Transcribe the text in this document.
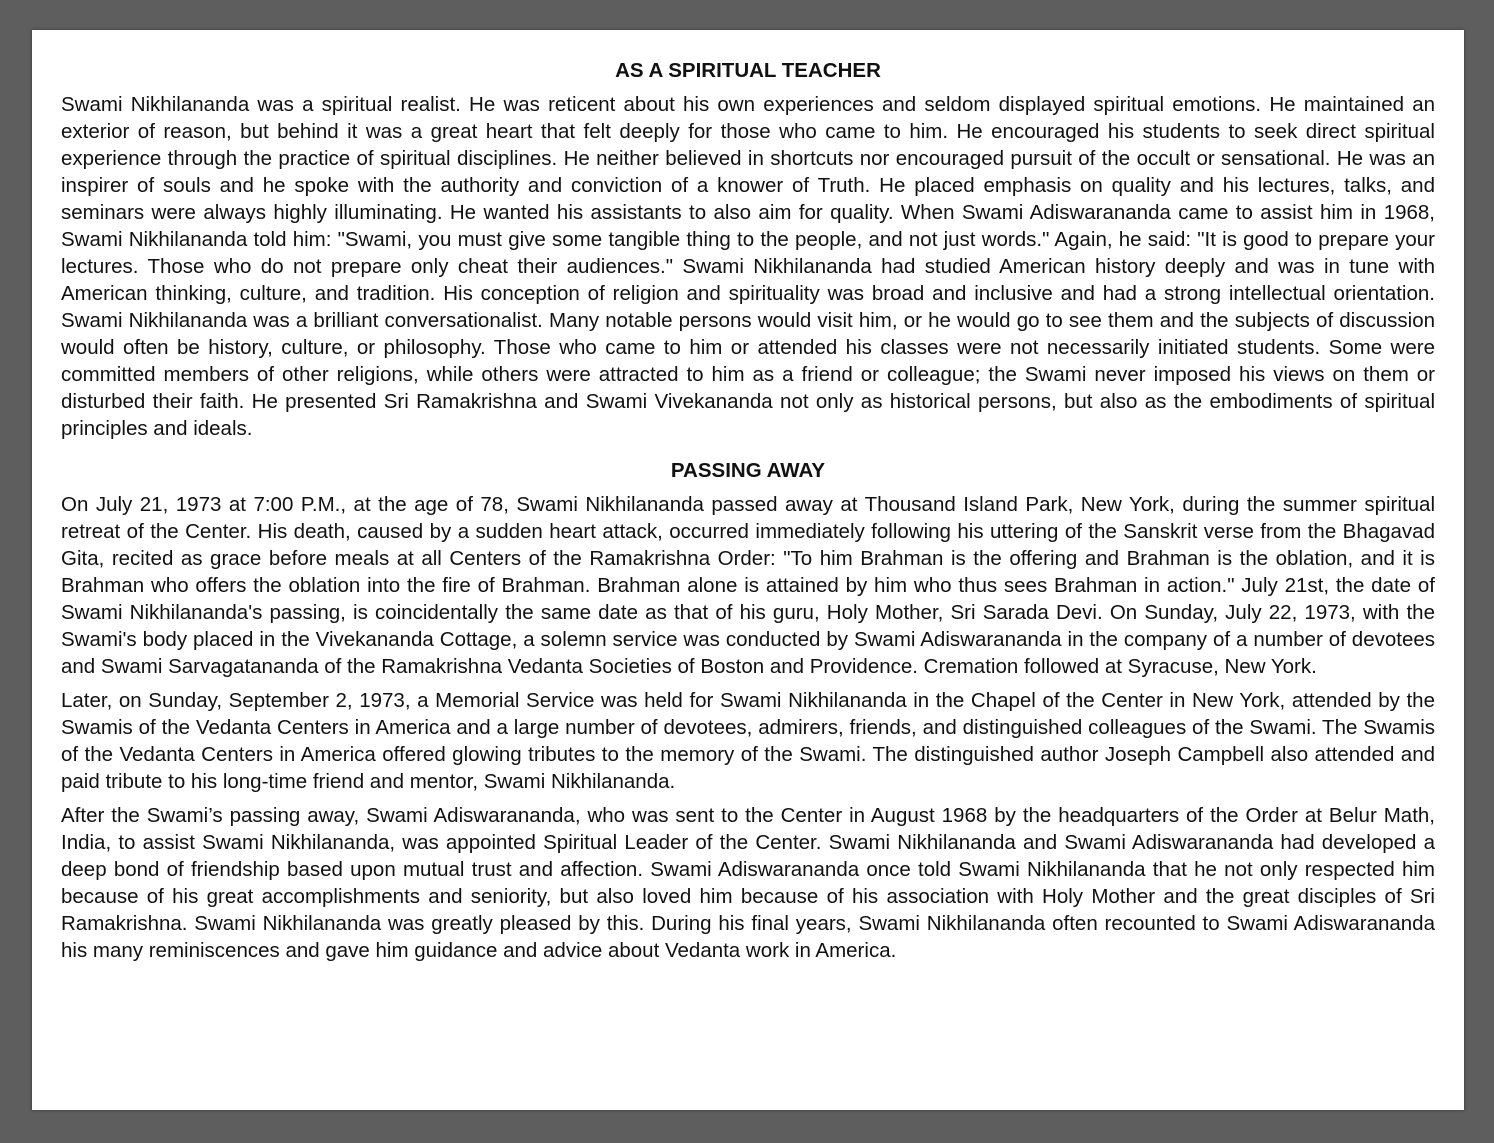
AS A SPIRITUAL TEACHER

Swami Nikhilananda was a spiritual realist. He was reticent about his own experiences and seldom displayed spiritual emotions. He maintained an exterior of reason, but behind it was a great heart that felt deeply for those who came to him. He encouraged his students to seek direct spiritual experience through the practice of spiritual disciplines. He neither believed in shortcuts nor encouraged pursuit of the occult or sensational. He was an inspirer of souls and he spoke with the authority and conviction of a knower of Truth. He placed emphasis on quality and his lectures, talks, and seminars were always highly illuminating. He wanted his assistants to also aim for quality. When Swami Adiswarananda came to assist him in 1968, Swami Nikhilananda told him: "Swami, you must give some tangible thing to the people, and not just words." Again, he said: "It is good to prepare your lectures. Those who do not prepare only cheat their audiences." Swami Nikhilananda had studied American history deeply and was in tune with American thinking, culture, and tradition. His conception of religion and spirituality was broad and inclusive and had a strong intellectual orientation. Swami Nikhilananda was a brilliant conversationalist. Many notable persons would visit him, or he would go to see them and the subjects of discussion would often be history, culture, or philosophy. Those who came to him or attended his classes were not necessarily initiated students. Some were committed members of other religions, while others were attracted to him as a friend or colleague; the Swami never imposed his views on them or disturbed their faith. He presented Sri Ramakrishna and Swami Vivekananda not only as historical persons, but also as the embodiments of spiritual principles and ideals.

PASSING AWAY

On July 21, 1973 at 7:00 P.M., at the age of 78, Swami Nikhilananda passed away at Thousand Island Park, New York, during the summer spiritual retreat of the Center. His death, caused by a sudden heart attack, occurred immediately following his uttering of the Sanskrit verse from the Bhagavad Gita, recited as grace before meals at all Centers of the Ramakrishna Order: "To him Brahman is the offering and Brahman is the oblation, and it is Brahman who offers the oblation into the fire of Brahman. Brahman alone is attained by him who thus sees Brahman in action." July 21st, the date of Swami Nikhilananda's passing, is coincidentally the same date as that of his guru, Holy Mother, Sri Sarada Devi. On Sunday, July 22, 1973, with the Swami's body placed in the Vivekananda Cottage, a solemn service was conducted by Swami Adiswarananda in the company of a number of devotees and Swami Sarvagatananda of the Ramakrishna Vedanta Societies of Boston and Providence. Cremation followed at Syracuse, New York.

Later, on Sunday, September 2, 1973, a Memorial Service was held for Swami Nikhilananda in the Chapel of the Center in New York, attended by the Swamis of the Vedanta Centers in America and a large number of devotees, admirers, friends, and distinguished colleagues of the Swami. The Swamis of the Vedanta Centers in America offered glowing tributes to the memory of the Swami. The distinguished author Joseph Campbell also attended and paid tribute to his long-time friend and mentor, Swami Nikhilananda.

After the Swami’s passing away, Swami Adiswarananda, who was sent to the Center in August 1968 by the headquarters of the Order at Belur Math, India, to assist Swami Nikhilananda, was appointed Spiritual Leader of the Center. Swami Nikhilananda and Swami Adiswarananda had developed a deep bond of friendship based upon mutual trust and affection. Swami Adiswarananda once told Swami Nikhilananda that he not only respected him because of his great accomplishments and seniority, but also loved him because of his association with Holy Mother and the great disciples of Sri Ramakrishna. Swami Nikhilananda was greatly pleased by this. During his final years, Swami Nikhilananda often recounted to Swami Adiswarananda his many reminiscences and gave him guidance and advice about Vedanta work in America.
